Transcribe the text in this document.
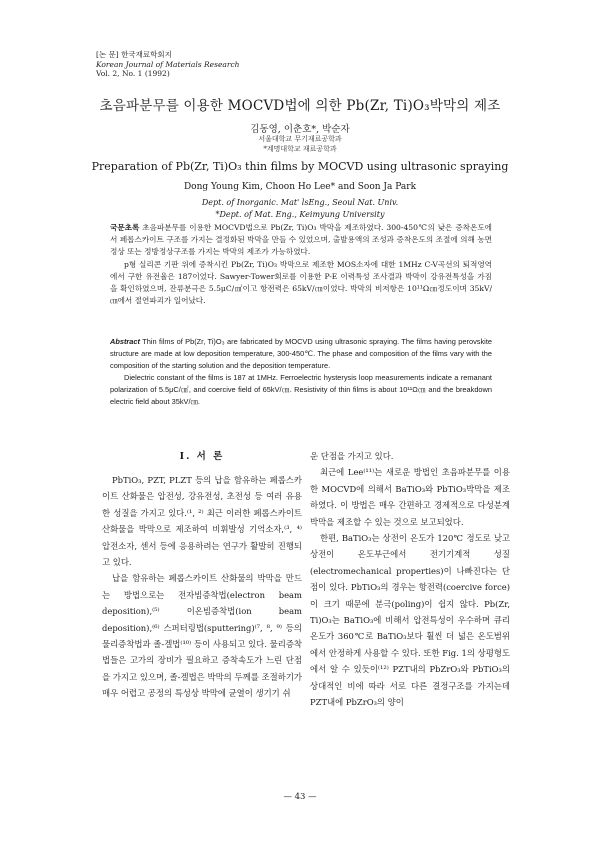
[논 문] 한국재료학회지
Korean Journal of Materials Research
Vol. 2, No. 1 (1992)
초음파분무를 이용한 MOCVD법에 의한 Pb(Zr, Ti)O₃박막의 제조
김동영, 이춘호*, 박순자
서울대학교 무기재료공학과
*계명대학교 재료공학과
Preparation of Pb(Zr, Ti)O₃ thin films by MOCVD using ultrasonic spraying
Dong Young Kim, Choon Ho Lee* and Soon Ja Park
Dept. of Inorganic. Mat' lsEng., Seoul Nat. Univ.
*Dept. of Mat. Eng., Keimyung University

국문초록 초음파분무를 이용한 MOCVD법으로 Pb(Zr, Ti)O₃ 박막을 제조하였다. 300-450℃의 낮은 증착온도에서 페롭스카이트 구조를 가지는 결정화된 박막을 만들 수 있었으며, 출발용액의 조성과 증착온도의 조절에 의해 농면정상 또는 정방정상구조를 가지는 박막의 제조가 가능하였다.

p형 실리콘 기판 위에 증착시킨 Pb(Zr, Ti)O₃ 박막으로 제조한 MOS소자에 대한 1MHz C-V곡선의 퇴적영역에서 구한 유전율은 187이었다. Sawyer-Tower회로를 이용한 P-E 이력특성 조사결과 박막이 강유전특성을 가짐을 확인하였으며, 잔류분극은 5.5μC/㎠이고 항전력은 65kV/㎝이었다. 박막의 비저항은 10¹¹Ω㎝정도이며 35kV/㎝에서 절연파괴가 일어났다.

Abstract Thin films of Pb(Zr, Ti)O₃ are fabricated by MOCVD using ultrasonic spraying. The films having perovskite structure are made at low deposition temperature, 300-450℃. The phase and composition of the films vary with the composition of the starting solution and the deposition temperature.

Dielectric constant of the films is 187 at 1MHz. Ferroelectric hysterysis loop measurements indicate a remanant polarization of 5.5μC/㎠, and coercive field of 65kV/㎝. Resistivity of thin films is about 10¹¹Ω㎝ and the breakdown electric field about 35kV/㎝.

I. 서 론

PbTiO₃, PZT, PLZT 등의 납을 함유하는 페롭스카이트 산화물은 압전성, 강유전성, 초전성 등 여러 유용한 성질을 가지고 있다.⁽¹, ²⁾ 최근 이러한 페롭스카이트 산화물을 박막으로 제조하여 비휘발성 기억소자,⁽³, ⁴⁾ 압전소자, 센서 등에 응용하려는 연구가 활발히 진행되고 있다.

납을 함유하는 페롭스카이트 산화물의 박막을 만드는 방법으로는 전자빔증착법(electron beam deposition),⁽⁵⁾ 이온빔증착법(ion beam deposition),⁽⁶⁾ 스퍼터링법(sputtering)⁽⁷, ⁸, ⁹⁾ 등의 물리증착법과 졸-겔법⁽¹⁰⁾ 등이 사용되고 있다. 물리증착법들은 고가의 장비가 필요하고 증착속도가 느린 단점을 가지고 있으며, 졸-겔법은 박막의 두께를 조절하기가 매우 어렵고 공정의 특성상 박막에 균열이 생기기 쉬

운 단점을 가지고 있다.

최근에 Lee⁽¹¹⁾는 새로운 방법인 초음파분무를 이용한 MOCVD에 의해서 BaTiO₃와 PbTiO₃박막을 제조하였다. 이 방법은 매우 간편하고 경제적으로 다성분계 박막을 제조할 수 있는 것으로 보고되었다.

한편, BaTiO₃는 상전이 온도가 120℃ 정도로 낮고 상전이 온도부근에서 전기기계적 성질(electromechanical properties)이 나빠진다는 단점이 있다. PbTiO₃의 경우는 항전력(coercive force)이 크기 때문에 분극(poling)이 쉽지 않다. Pb(Zr, Ti)O₃는 BaTiO₃에 비해서 압전특성이 우수하며 큐리온도가 360℃로 BaTiO₃보다 훨씬 더 넓은 온도범위에서 안정하게 사용할 수 있다. 또한 Fig. 1의 상평형도에서 알 수 있듯이⁽¹²⁾ PZT내의 PbZrO₃와 PbTiO₃의 상대적인 비에 따라 서로 다른 결정구조를 가지는데 PZT내에 PbZrO₃의 양이

— 43 —
